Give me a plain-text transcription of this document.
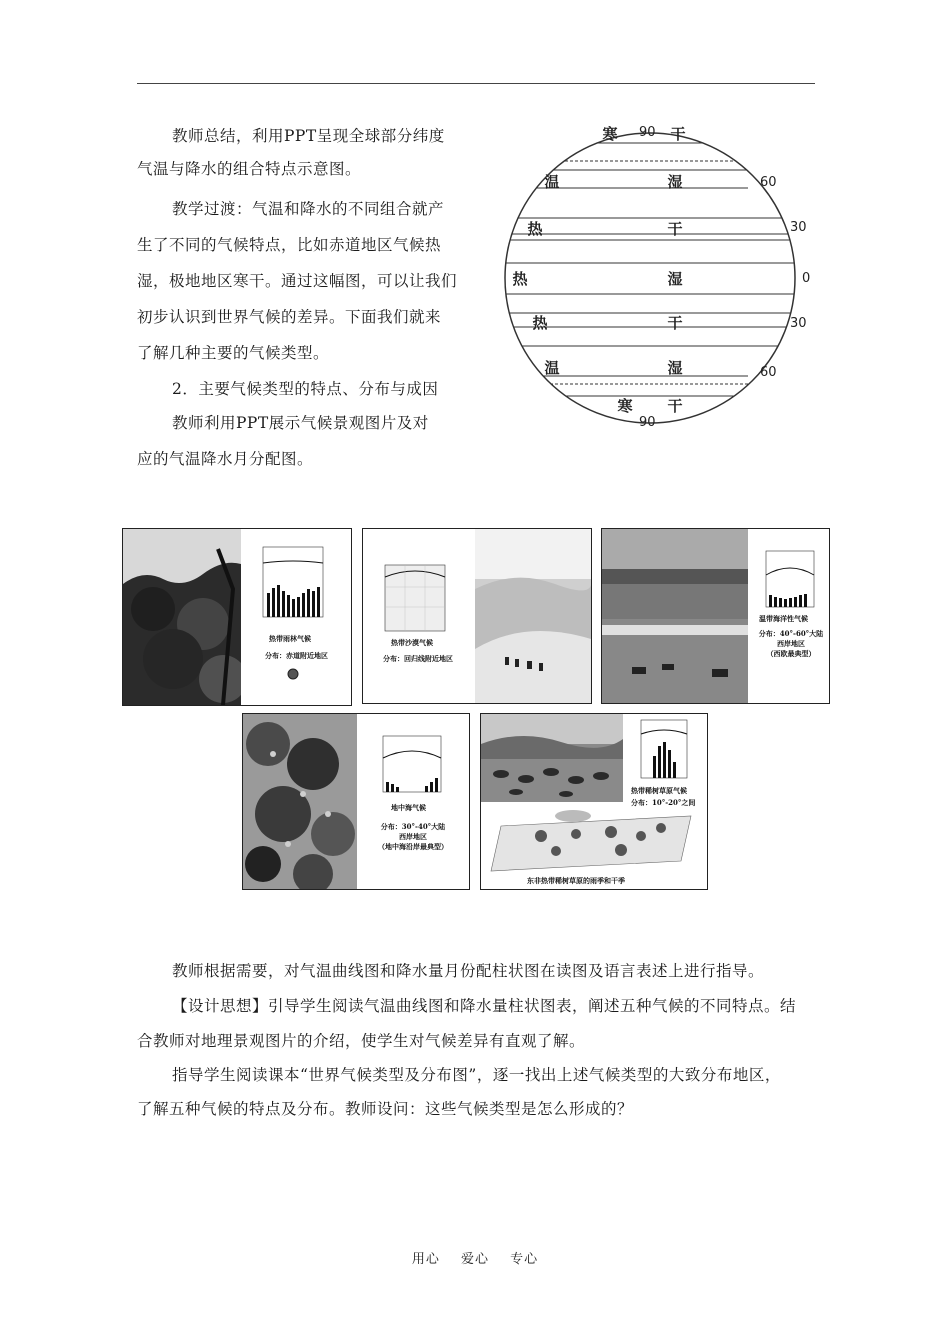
教师总结，利用PPT呈现全球部分纬度
气温与降水的组合特点示意图。
教学过渡：气温和降水的不同组合就产
生了不同的气候特点，比如赤道地区气候热
湿，极地地区寒干。通过这幅图，可以让我们
初步认识到世界气候的差异。下面我们就来
了解几种主要的气候类型。
2．主要气候类型的特点、分布与成因
教师利用PPT展示气候景观图片及对
应的气温降水月分配图。
寒	干
温	湿
热	干
热	湿
热	干
温	湿
寒 干
90
60
30
0
30
60
90
热带雨林气候
分布：赤道附近地区
热带沙漠气候
分布：回归线附近地区
温带海洋性气候
分布：40°-60°大陆
西岸地区
（西欧最典型）
地中海气候
分布：30°-40°大陆
西岸地区
（地中海沿岸最典型）
热带稀树草原气候
分布：10°-20°之间
东非热带稀树草原的雨季和干季
教师根据需要，对气温曲线图和降水量月份配柱状图在读图及语言表述上进行指导。
【设计思想】引导学生阅读气温曲线图和降水量柱状图表，阐述五种气候的不同特点。结
合教师对地理景观图片的介绍，使学生对气候差异有直观了解。
指导学生阅读课本“世界气候类型及分布图”，逐一找出上述气候类型的大致分布地区，
了解五种气候的特点及分布。教师设问：这些气候类型是怎么形成的？
用心 爱心 专心
